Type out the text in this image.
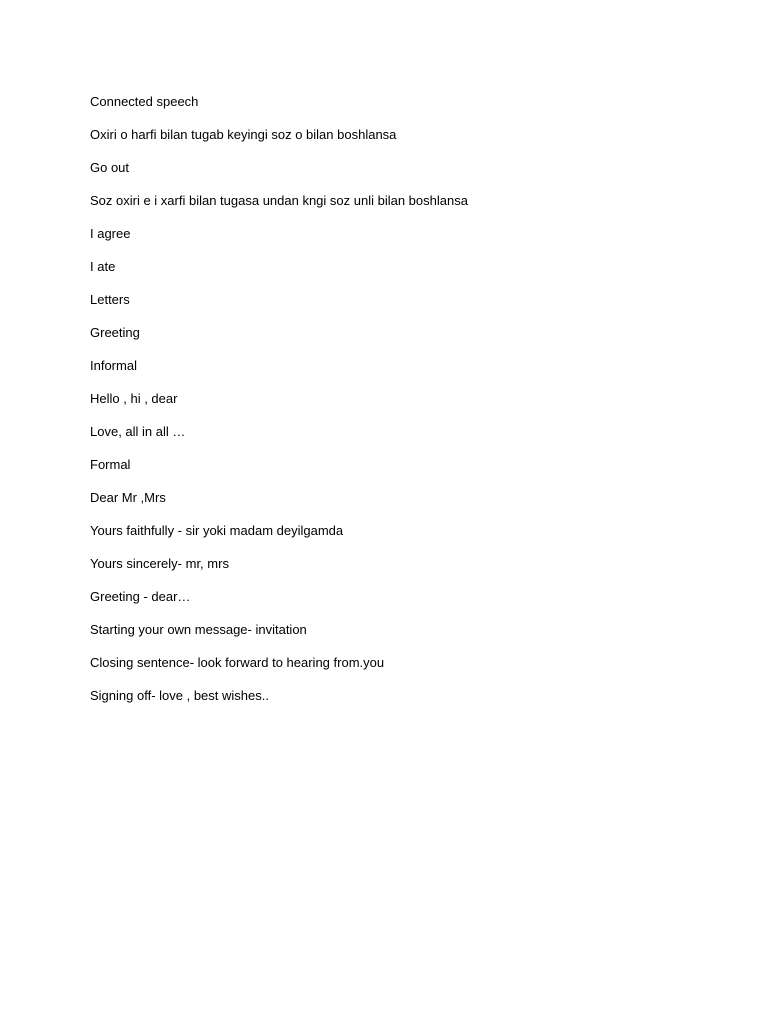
Connected speech

Oxiri o harfi bilan tugab keyingi soz o bilan boshlansa

Go out

Soz oxiri e i xarfi bilan tugasa undan kngi soz unli bilan boshlansa

I agree

I ate

Letters

Greeting

Informal

Hello , hi , dear

Love, all in all …

Formal

Dear Mr ,Mrs

Yours faithfully - sir yoki madam deyilgamda

Yours sincerely- mr, mrs

Greeting - dear…

Starting your own message- invitation

Closing sentence- look forward to hearing from.you

Signing off- love , best wishes..
